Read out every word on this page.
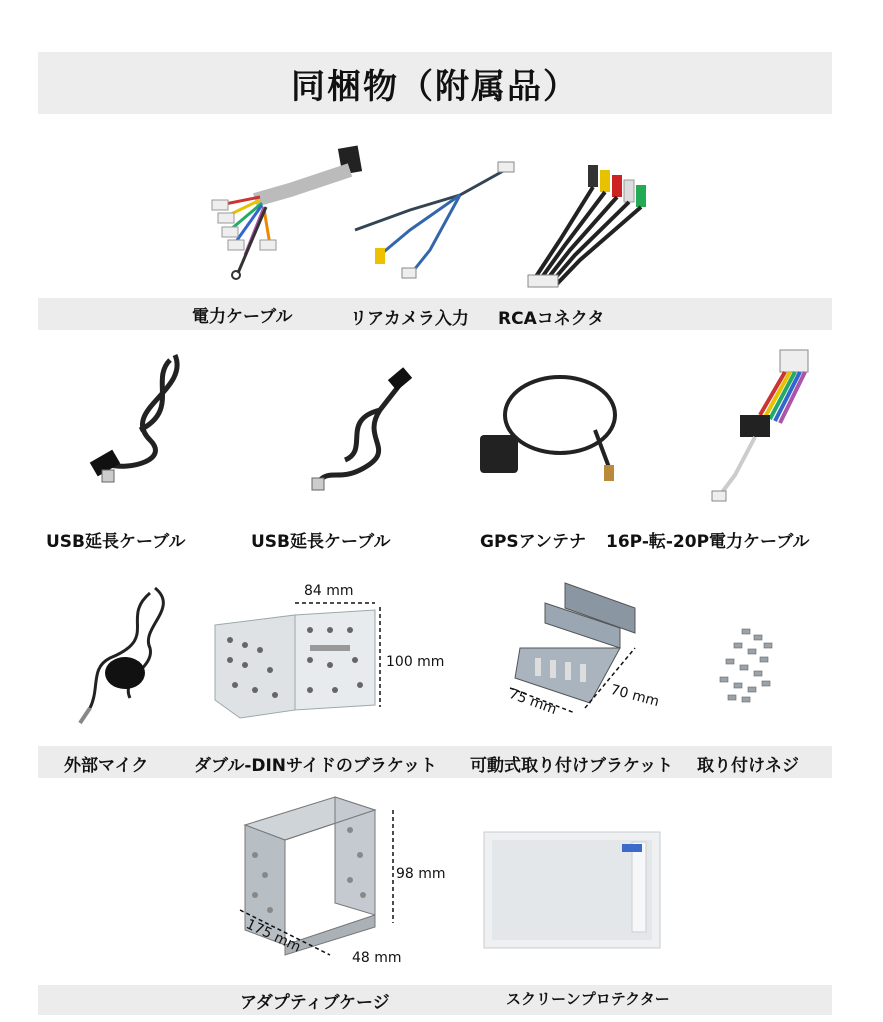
同梱物（附属品）
電力ケーブル	リアカメラ入力 RCAコネクタ
USB延長ケーブル	USB延長ケーブル	GPSアンテナ 16P-転-20P電力ケーブル
84 mm
100 mm
75 mm	70 mm
外部マイク	ダブル-DINサイドのブラケット 可動式取り付けブラケット 取り付けネジ
98 mm
175 mm
48 mm
アダプティブケージ	スクリーンプロテクター
